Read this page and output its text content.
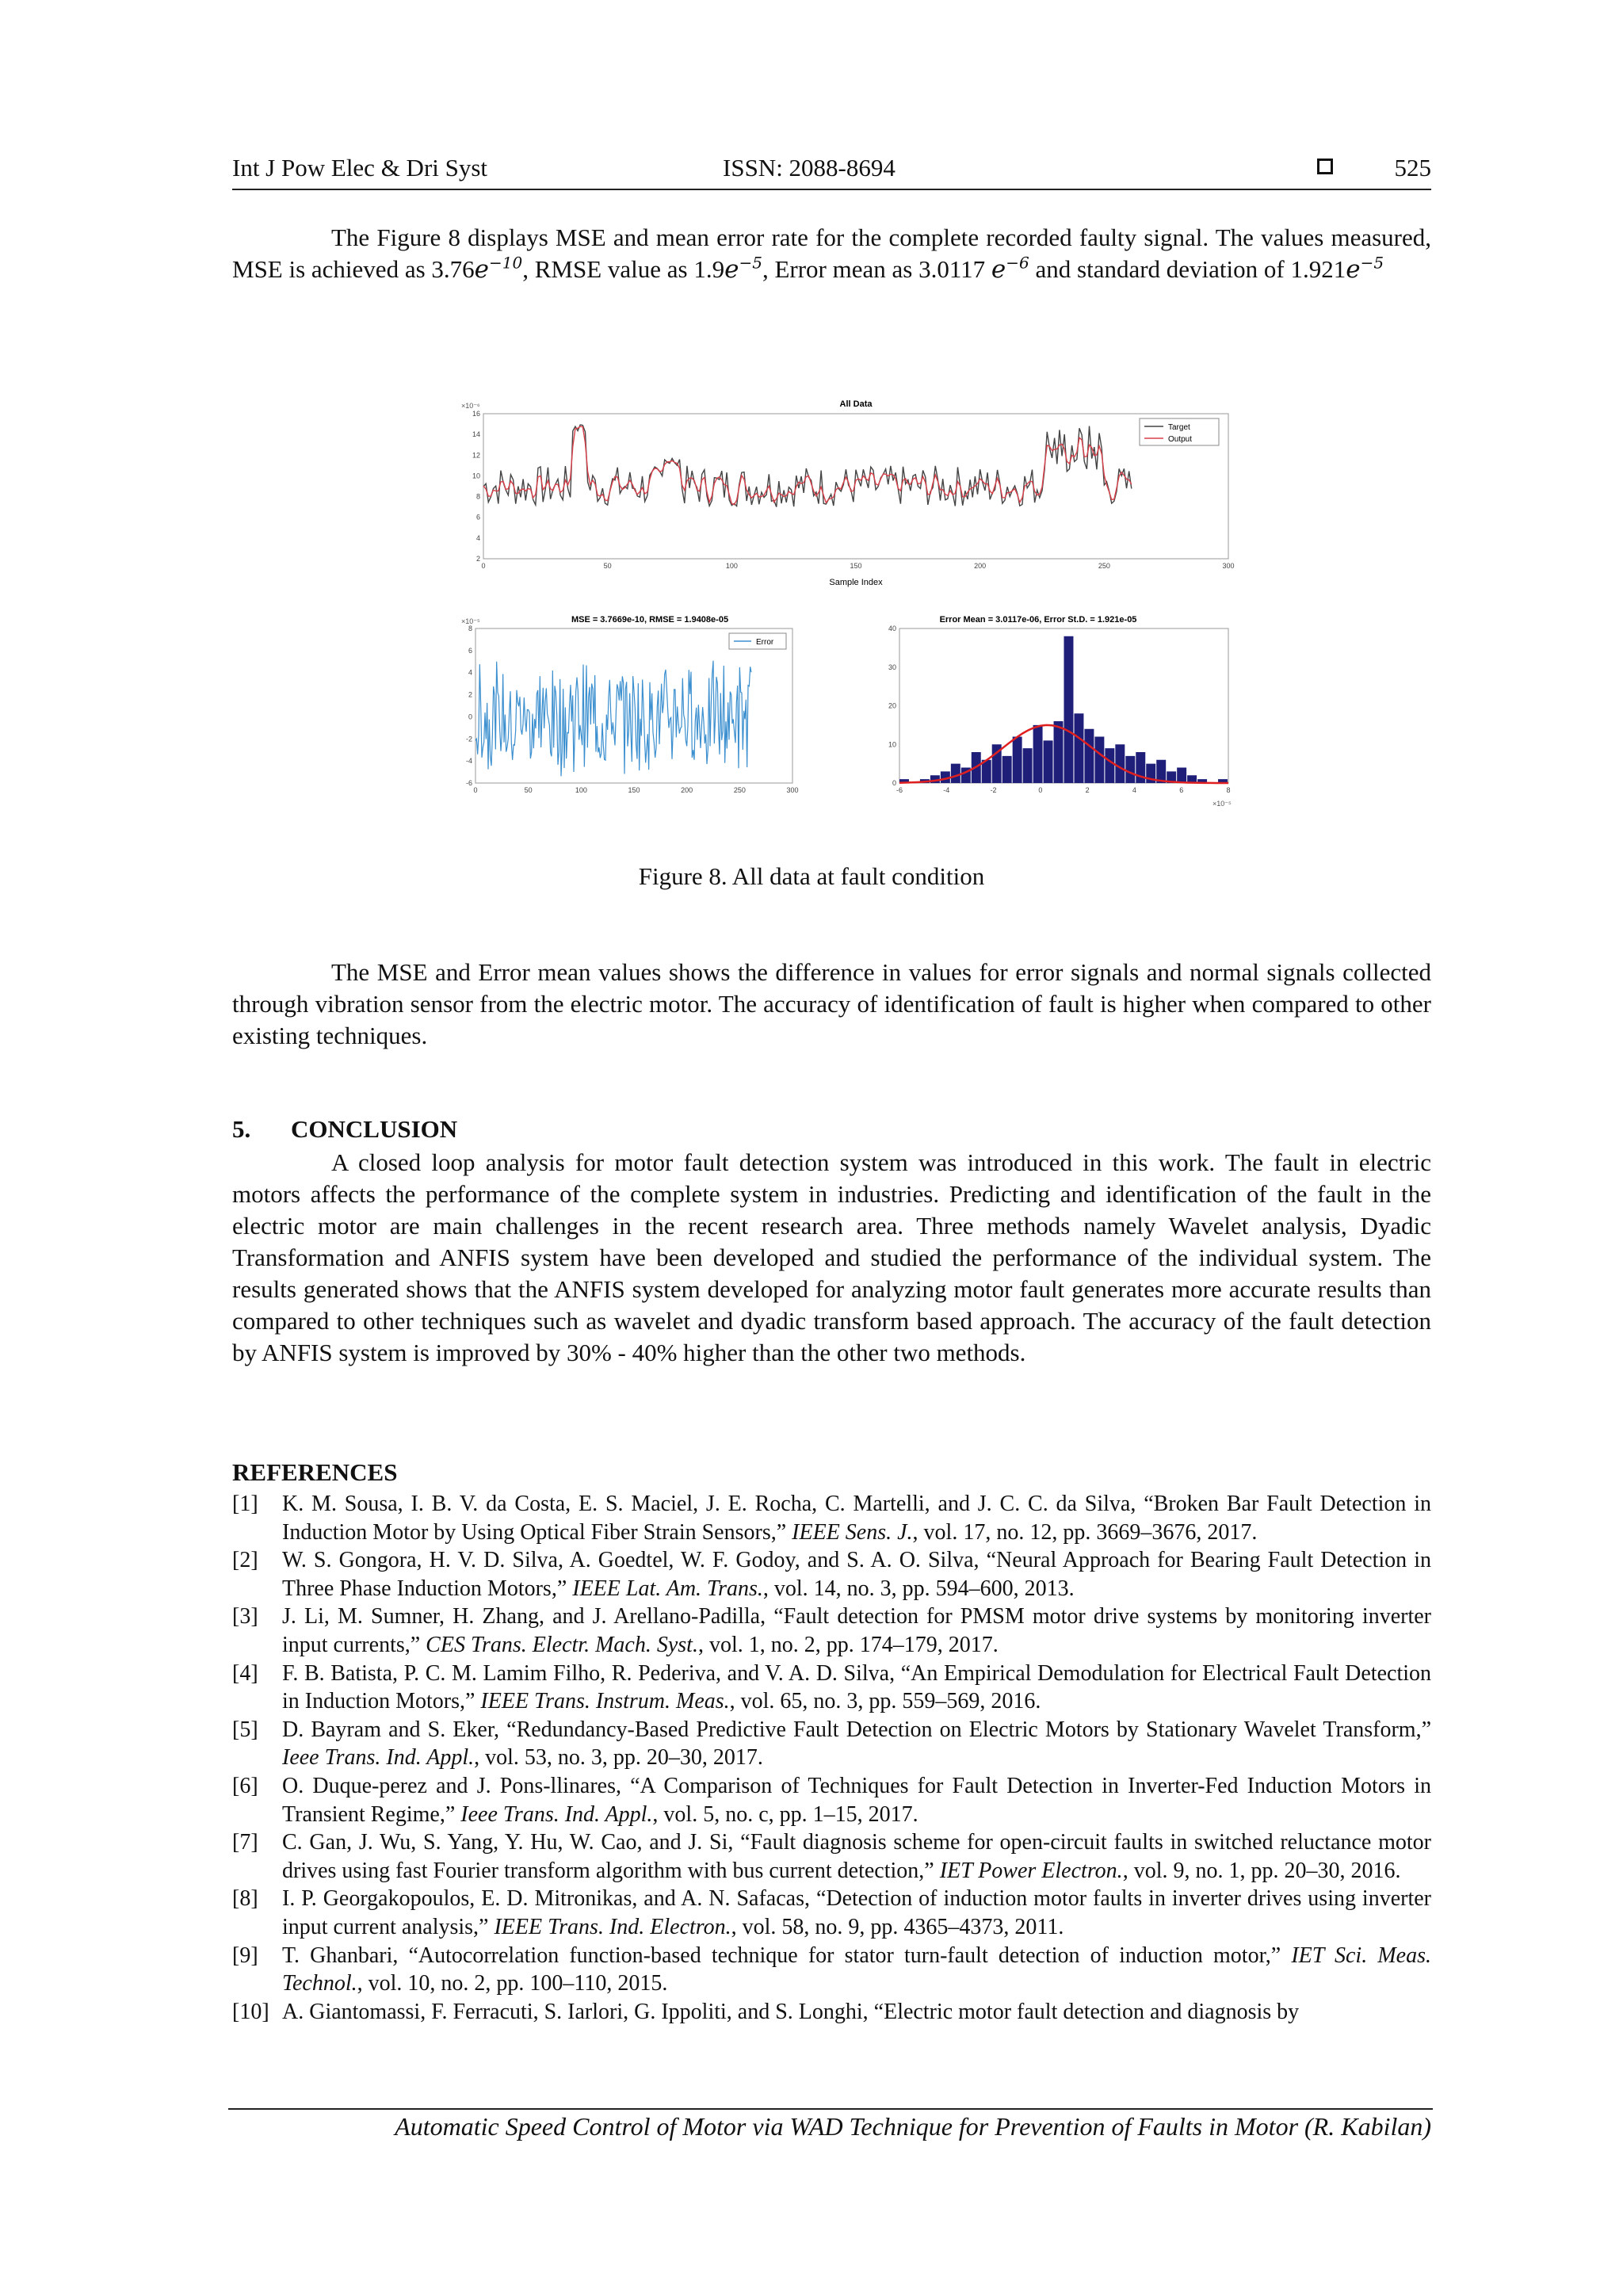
Int J Pow Elec & Dri Syst	ISSN: 2088-8694	525

The Figure 8 displays MSE and mean error rate for the complete recorded faulty signal. The values measured, MSE is achieved as $3.76e^{-10}$, RMSE value as $1.9e^{-5}$, Error mean as 3.0117 $e^{-6}$ and standard deviation of $1.921e^{-5}$

All Data
×10⁻⁶
16
14
12
10
8
6
4
2
0	50	100	150	200	250	300
Target
Output
Sample Index
MSE = 3.7669e-10, RMSE = 1.9408e-05
×10⁻⁵
8
6
4
2
0
-2
-4
-6
0	50	100	150	200	250	300
Error
Error Mean = 3.0117e-06, Error St.D. = 1.921e-05
40
30
20
10
0
-6	-4	-2	0	2	4	6	8
×10⁻⁵
Figure 8. All data at fault condition

The MSE and Error mean values shows the difference in values for error signals and normal signals collected through vibration sensor from the electric motor. The accuracy of identification of fault is higher when compared to other existing techniques.

5. CONCLUSION

A closed loop analysis for motor fault detection system was introduced in this work. The fault in electric motors affects the performance of the complete system in industries. Predicting and identification of the fault in the electric motor are main challenges in the recent research area. Three methods namely Wavelet analysis, Dyadic Transformation and ANFIS system have been developed and studied the performance of the individual system. The results generated shows that the ANFIS system developed for analyzing motor fault generates more accurate results than compared to other techniques such as wavelet and dyadic transform based approach. The accuracy of the fault detection by ANFIS system is improved by 30% - 40% higher than the other two methods.

REFERENCES
[1] K. M. Sousa, I. B. V. da Costa, E. S. Maciel, J. E. Rocha, C. Martelli, and J. C. C. da Silva, “Broken Bar Fault Detection in Induction Motor by Using Optical Fiber Strain Sensors,” IEEE Sens. J., vol. 17, no. 12, pp. 3669–3676, 2017.
[2] W. S. Gongora, H. V. D. Silva, A. Goedtel, W. F. Godoy, and S. A. O. Silva, “Neural Approach for Bearing Fault Detection in Three Phase Induction Motors,” IEEE Lat. Am. Trans., vol. 14, no. 3, pp. 594–600, 2013.
[3] J. Li, M. Sumner, H. Zhang, and J. Arellano-Padilla, “Fault detection for PMSM motor drive systems by monitoring inverter input currents,” CES Trans. Electr. Mach. Syst., vol. 1, no. 2, pp. 174–179, 2017.
[4] F. B. Batista, P. C. M. Lamim Filho, R. Pederiva, and V. A. D. Silva, “An Empirical Demodulation for Electrical Fault Detection in Induction Motors,” IEEE Trans. Instrum. Meas., vol. 65, no. 3, pp. 559–569, 2016.
[5] D. Bayram and S. Eker, “Redundancy-Based Predictive Fault Detection on Electric Motors by Stationary Wavelet Transform,” Ieee Trans. Ind. Appl., vol. 53, no. 3, pp. 20–30, 2017.
[6] O. Duque-perez and J. Pons-llinares, “A Comparison of Techniques for Fault Detection in Inverter-Fed Induction Motors in Transient Regime,” Ieee Trans. Ind. Appl., vol. 5, no. c, pp. 1–15, 2017.
[7] C. Gan, J. Wu, S. Yang, Y. Hu, W. Cao, and J. Si, “Fault diagnosis scheme for open-circuit faults in switched reluctance motor drives using fast Fourier transform algorithm with bus current detection,” IET Power Electron., vol. 9, no. 1, pp. 20–30, 2016.
[8] I. P. Georgakopoulos, E. D. Mitronikas, and A. N. Safacas, “Detection of induction motor faults in inverter drives using inverter input current analysis,” IEEE Trans. Ind. Electron., vol. 58, no. 9, pp. 4365–4373, 2011.
[9] T. Ghanbari, “Autocorrelation function-based technique for stator turn-fault detection of induction motor,” IET Sci. Meas. Technol., vol. 10, no. 2, pp. 100–110, 2015.
[10] A. Giantomassi, F. Ferracuti, S. Iarlori, G. Ippoliti, and S. Longhi, “Electric motor fault detection and diagnosis by
Automatic Speed Control of Motor via WAD Technique for Prevention of Faults in Motor (R. Kabilan)
